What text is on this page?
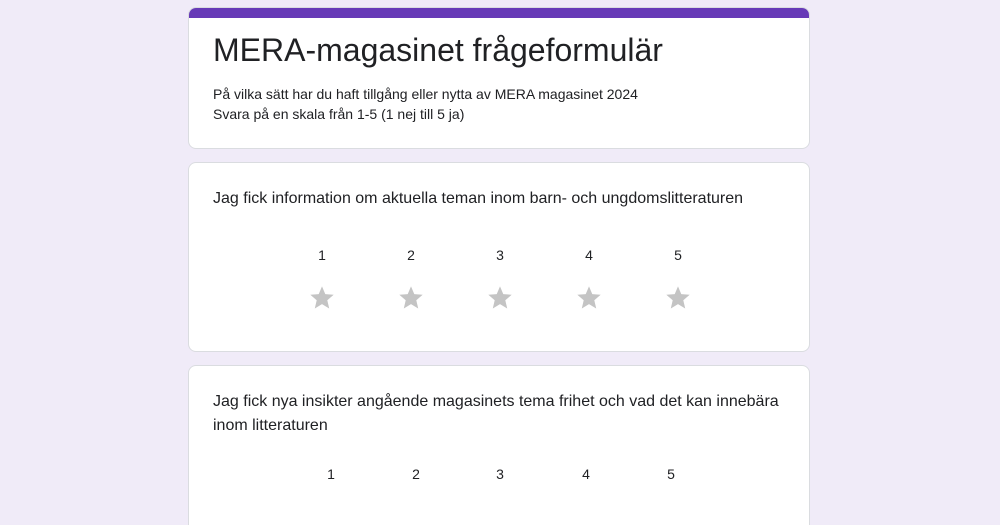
MERA-magasinet frågeformulär
På vilka sätt har du haft tillgång eller nytta av MERA magasinet 2024
Svara på en skala från 1-5 (1 nej till 5 ja)
Jag fick information om aktuella teman inom barn- och ungdomslitteraturen
1	2	3	4	5
Jag fick nya insikter angående magasinets tema frihet och vad det kan innebära inom litteraturen
1	2	3	4	5
